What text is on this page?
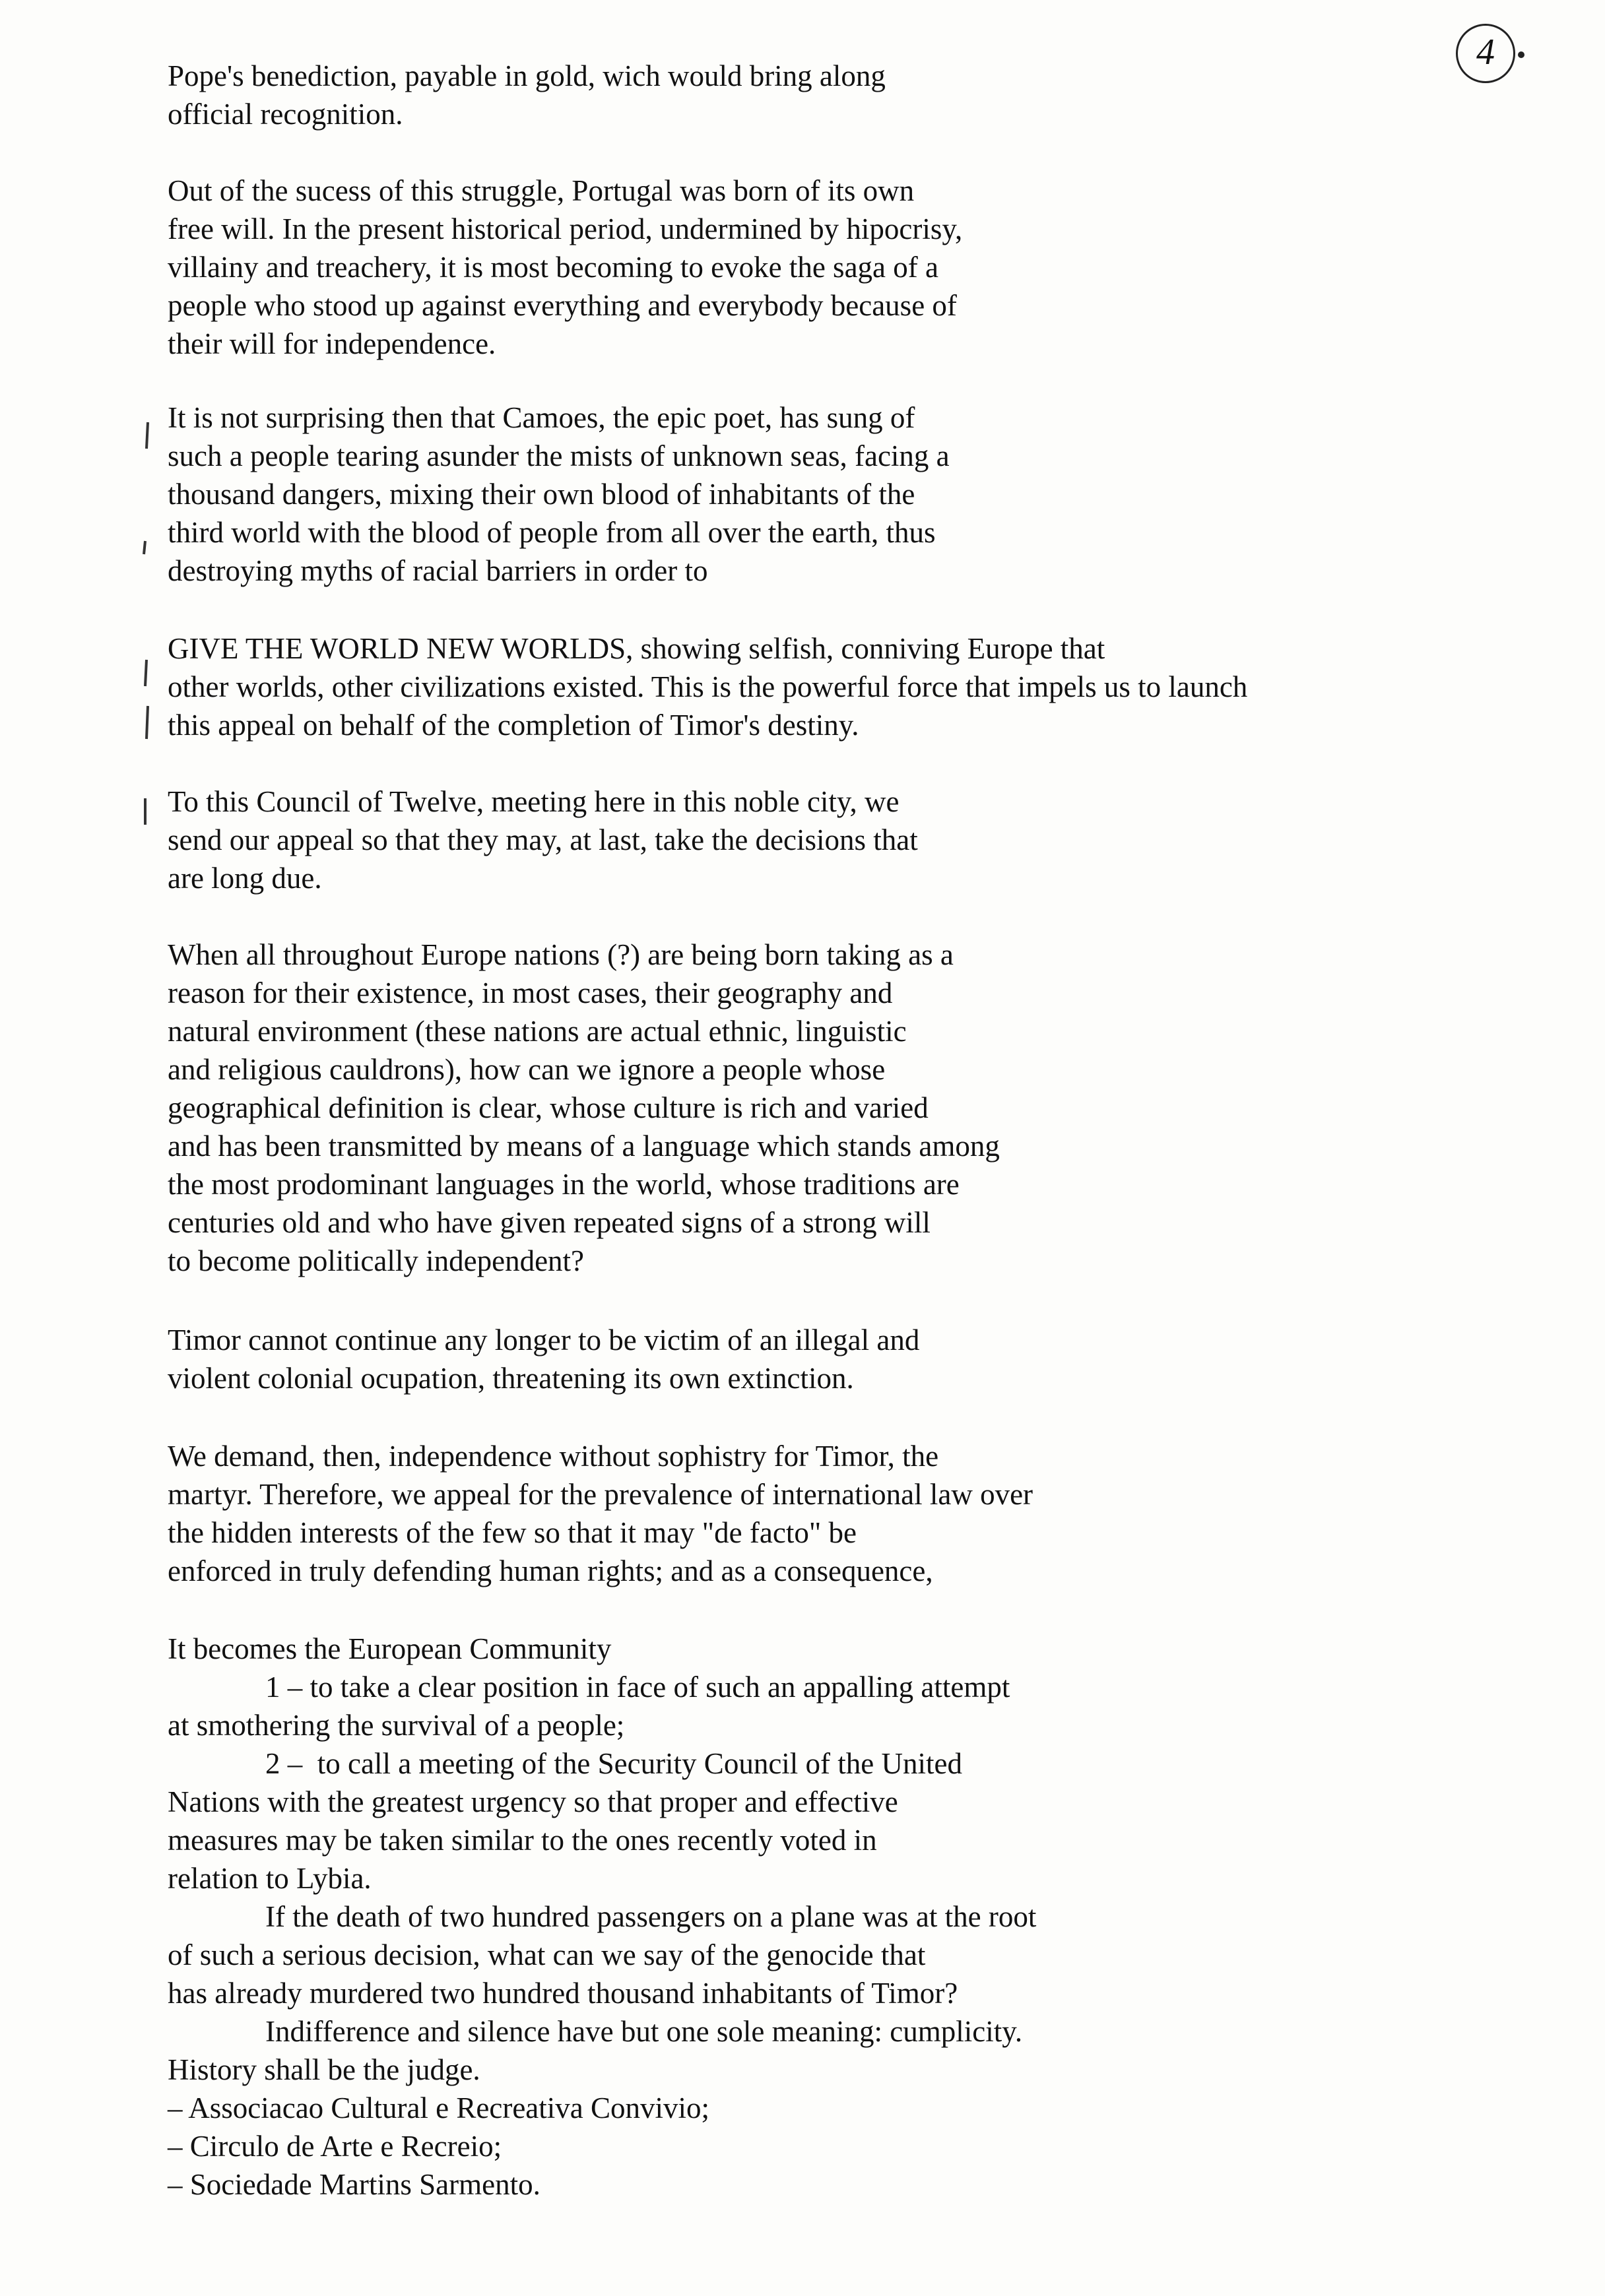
4
Pope's benediction, payable in gold, wich would bring along
official recognition.
Out of the sucess of this struggle, Portugal was born of its own
free will. In the present historical period, undermined by hipocrisy,
villainy and treachery, it is most becoming to evoke the saga of a
people who stood up against everything and everybody because of
their will for independence.
It is not surprising then that Camoes, the epic poet, has sung of
such a people tearing asunder the mists of unknown seas, facing a
thousand dangers, mixing their own blood of inhabitants of the
third world with the blood of people from all over the earth, thus
destroying myths of racial barriers in order to
GIVE THE WORLD NEW WORLDS, showing selfish, conniving Europe that
other worlds, other civilizations existed. This is the powerful force that impels us to launch
this appeal on behalf of the completion of Timor's destiny.
To this Council of Twelve, meeting here in this noble city, we
send our appeal so that they may, at last, take the decisions that
are long due.
When all throughout Europe nations (?) are being born taking as a
reason for their existence, in most cases, their geography and
natural environment (these nations are actual ethnic, linguistic
and religious cauldrons), how can we ignore a people whose
geographical definition is clear, whose culture is rich and varied
and has been transmitted by means of a language which stands among
the most prodominant languages in the world, whose traditions are
centuries old and who have given repeated signs of a strong will
to become politically independent?
Timor cannot continue any longer to be victim of an illegal and
violent colonial ocupation, threatening its own extinction.
We demand, then, independence without sophistry for Timor, the
martyr. Therefore, we appeal for the prevalence of international law over
the hidden interests of the few so that it may "de facto" be
enforced in truly defending human rights; and as a consequence,
It becomes the European Community
1 – to take a clear position in face of such an appalling attempt
at smothering the survival of a people;
2 –  to call a meeting of the Security Council of the United
Nations with the greatest urgency so that proper and effective
measures may be taken similar to the ones recently voted in
relation to Lybia.
If the death of two hundred passengers on a plane was at the root
of such a serious decision, what can we say of the genocide that
has already murdered two hundred thousand inhabitants of Timor?
Indifference and silence have but one sole meaning: cumplicity.
History shall be the judge.
– Associacao Cultural e Recreativa Convivio;
– Circulo de Arte e Recreio;
– Sociedade Martins Sarmento.
